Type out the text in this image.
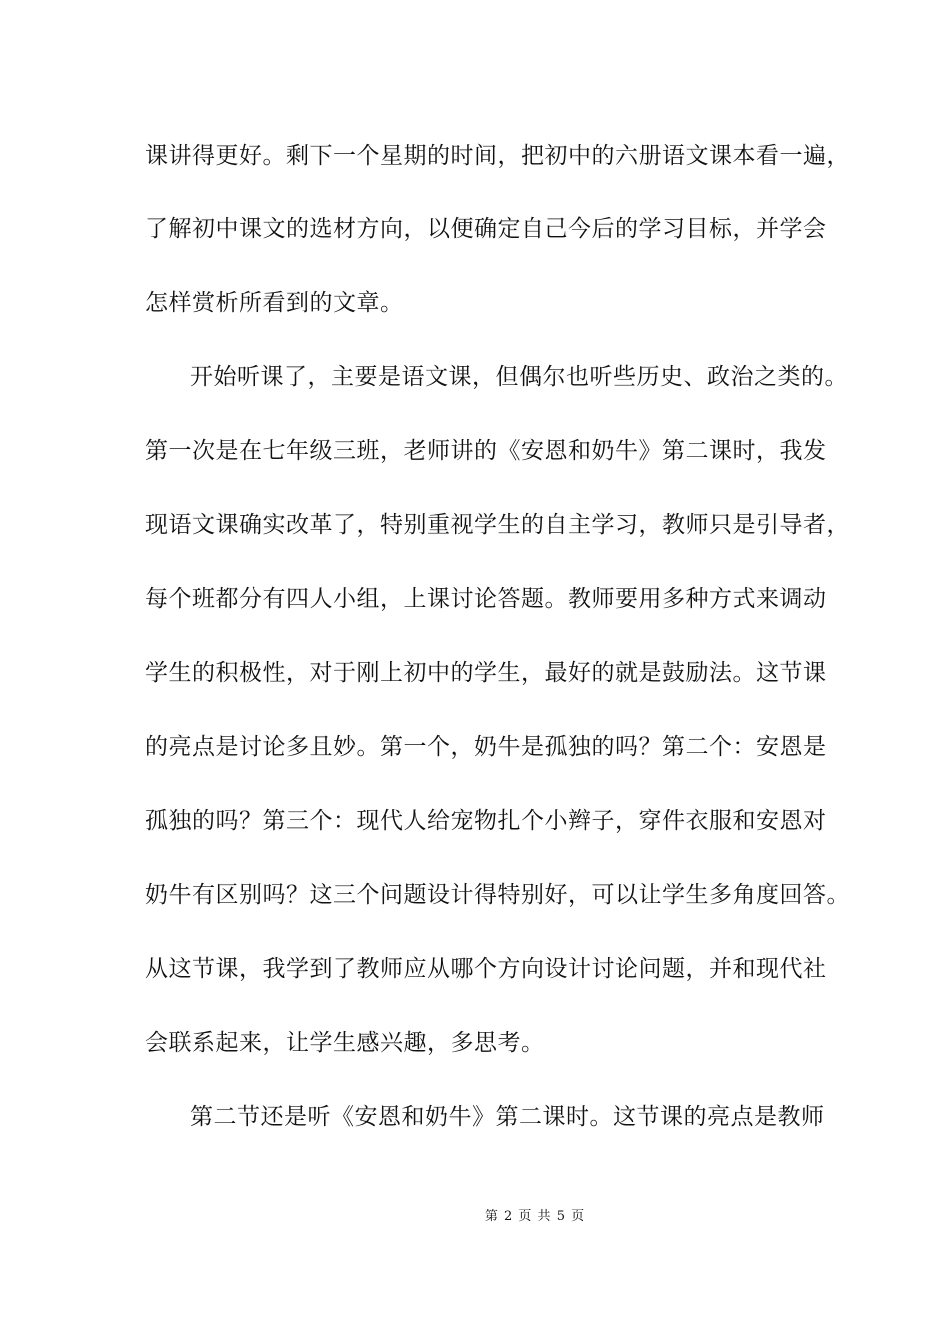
课讲得更好。剩下一个星期的时间，把初中的六册语文课本看一遍，
了解初中课文的选材方向，以便确定自己今后的学习目标，并学会
怎样赏析所看到的文章。
开始听课了，主要是语文课，但偶尔也听些历史、政治之类的。
第一次是在七年级三班，老师讲的《安恩和奶牛》第二课时，我发
现语文课确实改革了，特别重视学生的自主学习，教师只是引导者，
每个班都分有四人小组，上课讨论答题。教师要用多种方式来调动
学生的积极性，对于刚上初中的学生，最好的就是鼓励法。这节课
的亮点是讨论多且妙。第一个，奶牛是孤独的吗？第二个：安恩是
孤独的吗？第三个：现代人给宠物扎个小辫子，穿件衣服和安恩对
奶牛有区别吗？这三个问题设计得特别好，可以让学生多角度回答。
从这节课，我学到了教师应从哪个方向设计讨论问题，并和现代社
会联系起来，让学生感兴趣，多思考。
第二节还是听《安恩和奶牛》第二课时。这节课的亮点是教师
第 2 页 共 5 页
